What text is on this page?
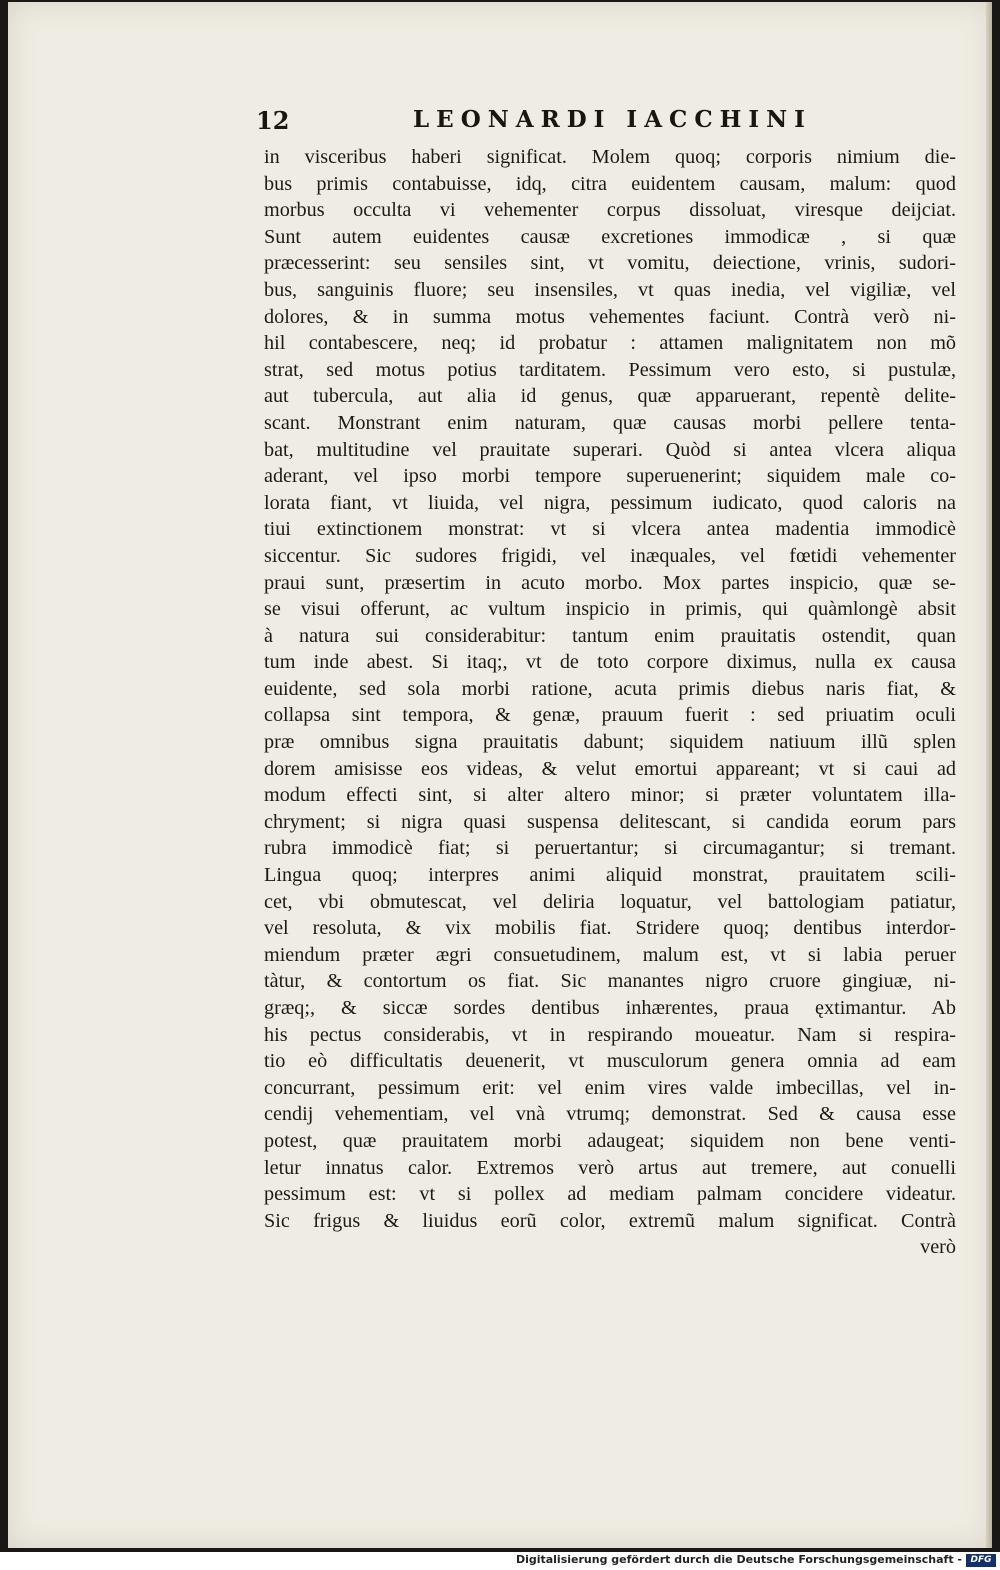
12	LEONARDI IACCHINI
in visceribus haberi significat. Molem quoq; corporis nimium die-
bus primis contabuisse, idq, citra euidentem causam, malum: quod
morbus occulta vi vehementer corpus dissoluat, viresque deijciat.
Sunt autem euidentes causæ excretiones immodicæ , si quæ
præcesserint: seu sensiles sint, vt vomitu, deiectione, vrinis, sudori-
bus, sanguinis fluore; seu insensiles, vt quas inedia, vel vigiliæ, vel
dolores, & in summa motus vehementes faciunt. Contrà verò ni-
hil contabescere, neq; id probatur : attamen malignitatem non mõ
strat, sed motus potius tarditatem. Pessimum vero esto, si pustulæ,
aut tubercula, aut alia id genus, quæ apparuerant, repentè delite-
scant. Monstrant enim naturam, quæ causas morbi pellere tenta-
bat, multitudine vel prauitate superari. Quòd si antea vlcera aliqua
aderant, vel ipso morbi tempore superuenerint; siquidem male co-
lorata fiant, vt liuida, vel nigra, pessimum iudicato, quod caloris na
tiui extinctionem monstrat: vt si vlcera antea madentia immodicè
siccentur. Sic sudores frigidi, vel inæquales, vel fœtidi vehementer
praui sunt, præsertim in acuto morbo. Mox partes inspicio, quæ se-
se visui offerunt, ac vultum inspicio in primis, qui quàmlongè absit
à natura sui considerabitur: tantum enim prauitatis ostendit, quan
tum inde abest. Si itaq;, vt de toto corpore diximus, nulla ex causa
euidente, sed sola morbi ratione, acuta primis diebus naris fiat, &
collapsa sint tempora, & genæ, prauum fuerit : sed priuatim oculi
præ omnibus signa prauitatis dabunt; siquidem natiuum illũ splen
dorem amisisse eos videas, & velut emortui appareant; vt si caui ad
modum effecti sint, si alter altero minor; si præter voluntatem illa-
chryment; si nigra quasi suspensa delitescant, si candida eorum pars
rubra immodicè fiat; si peruertantur; si circumagantur; si tremant.
Lingua quoq; interpres animi aliquid monstrat, prauitatem scili-
cet, vbi obmutescat, vel deliria loquatur, vel battologiam patiatur,
vel resoluta, & vix mobilis fiat. Stridere quoq; dentibus interdor-
miendum præter ægri consuetudinem, malum est, vt si labia peruer
tàtur, & contortum os fiat. Sic manantes nigro cruore gingiuæ, ni-
græq;, & siccæ sordes dentibus inhærentes, praua ęxtimantur. Ab
his pectus considerabis, vt in respirando moueatur. Nam si respira-
tio eò difficultatis deuenerit, vt musculorum genera omnia ad eam
concurrant, pessimum erit: vel enim vires valde imbecillas, vel in-
cendij vehementiam, vel vnà vtrumq; demonstrat. Sed & causa esse
potest, quæ prauitatem morbi adaugeat; siquidem non bene venti-
letur innatus calor. Extremos verò artus aut tremere, aut conuelli
pessimum est: vt si pollex ad mediam palmam concidere videatur.
Sic frigus & liuidus eorũ color, extremũ malum significat. Contrà
verò
Digitalisierung gefördert durch die Deutsche Forschungsgemeinschaft - DFG
